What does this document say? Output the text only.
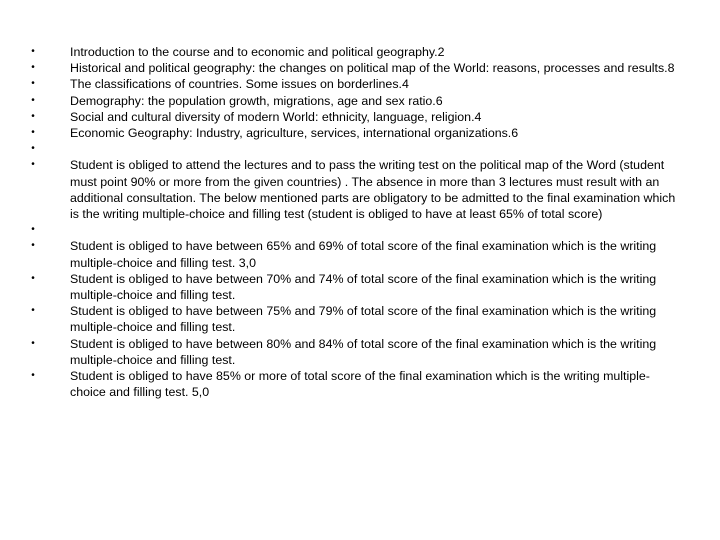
•	Introduction to the course and to economic and political geography.2
•	Historical and political geography: the changes on political map of the World: reasons, processes and results.8
•	The classifications of countries. Some issues on borderlines.4
•	Demography: the population growth, migrations, age and sex ratio.6
•	Social and cultural diversity of modern World: ethnicity, language, religion.4
•	Economic Geography: Industry, agriculture, services, international organizations.6
•
•	Student is obliged to attend the lectures and to pass the writing test on the political map of the Word (student must point 90% or more from the given countries) . The absence in more than 3 lectures must result with an additional consultation. The below mentioned parts are obligatory to be admitted to the final examination which is the writing multiple-choice and filling test (student is obliged to have at least 65% of total score)
•
•	Student is obliged to have between 65% and 69% of total score of the final examination which is the writing multiple-choice and filling test. 3,0
•	Student is obliged to have between 70% and 74% of total score of the final examination which is the writing multiple-choice and filling test.
•	Student is obliged to have between 75% and 79% of total score of the final examination which is the writing multiple-choice and filling test.
•	Student is obliged to have between 80% and 84% of total score of the final examination which is the writing multiple-choice and filling test.
•	Student is obliged to have 85% or more of total score of the final examination which is the writing multiple-choice and filling test. 5,0
